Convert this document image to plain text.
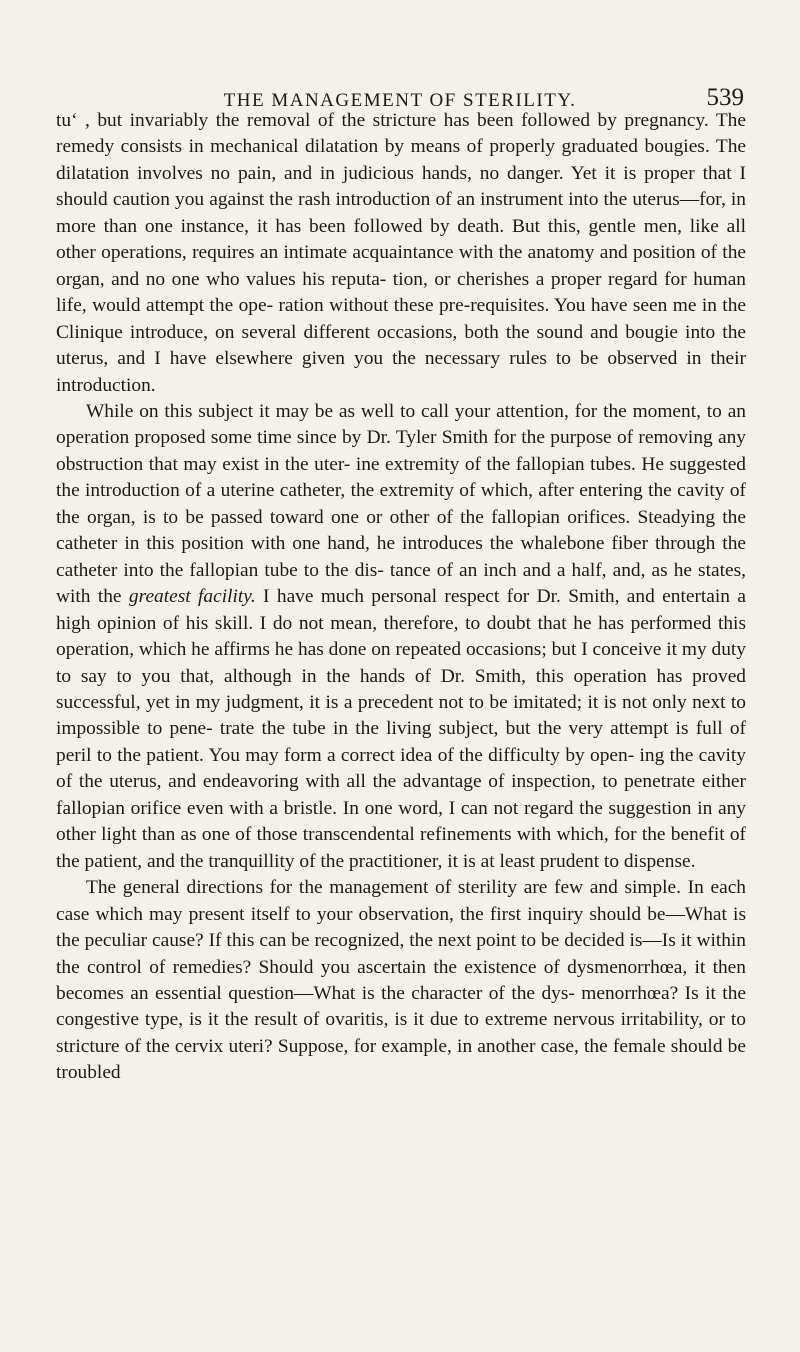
THE MANAGEMENT OF STERILITY.	539

tu‘ , but invariably the removal of the stricture has been followed by pregnancy. The remedy consists in mechanical dilatation by means of properly graduated bougies. The dilatation involves no pain, and in judicious hands, no danger. Yet it is proper that I should caution you against the rash introduction of an instrument into the uterus—for, in more than one instance, it has been followed by death. But this, gentle men, like all other operations, requires an intimate acquaintance with the anatomy and position of the organ, and no one who values his reputa- tion, or cherishes a proper regard for human life, would attempt the ope- ration without these pre-requisites. You have seen me in the Clinique introduce, on several different occasions, both the sound and bougie into the uterus, and I have elsewhere given you the necessary rules to be observed in their introduction.

While on this subject it may be as well to call your attention, for the moment, to an operation proposed some time since by Dr. Tyler Smith for the purpose of removing any obstruction that may exist in the uter- ine extremity of the fallopian tubes. He suggested the introduction of a uterine catheter, the extremity of which, after entering the cavity of the organ, is to be passed toward one or other of the fallopian orifices. Steadying the catheter in this position with one hand, he introduces the whalebone fiber through the catheter into the fallopian tube to the dis- tance of an inch and a half, and, as he states, with the greatest facility. I have much personal respect for Dr. Smith, and entertain a high opinion of his skill. I do not mean, therefore, to doubt that he has performed this operation, which he affirms he has done on repeated occasions; but I conceive it my duty to say to you that, although in the hands of Dr. Smith, this operation has proved successful, yet in my judgment, it is a precedent not to be imitated; it is not only next to impossible to pene- trate the tube in the living subject, but the very attempt is full of peril to the patient. You may form a correct idea of the difficulty by open- ing the cavity of the uterus, and endeavoring with all the advantage of inspection, to penetrate either fallopian orifice even with a bristle. In one word, I can not regard the suggestion in any other light than as one of those transcendental refinements with which, for the benefit of the patient, and the tranquillity of the practitioner, it is at least prudent to dispense.

The general directions for the management of sterility are few and simple. In each case which may present itself to your observation, the first inquiry should be—What is the peculiar cause? If this can be recognized, the next point to be decided is—Is it within the control of remedies? Should you ascertain the existence of dysmenorrhœa, it then becomes an essential question—What is the character of the dys- menorrhœa? Is it the congestive type, is it the result of ovaritis, is it due to extreme nervous irritability, or to stricture of the cervix uteri? Suppose, for example, in another case, the female should be troubled
